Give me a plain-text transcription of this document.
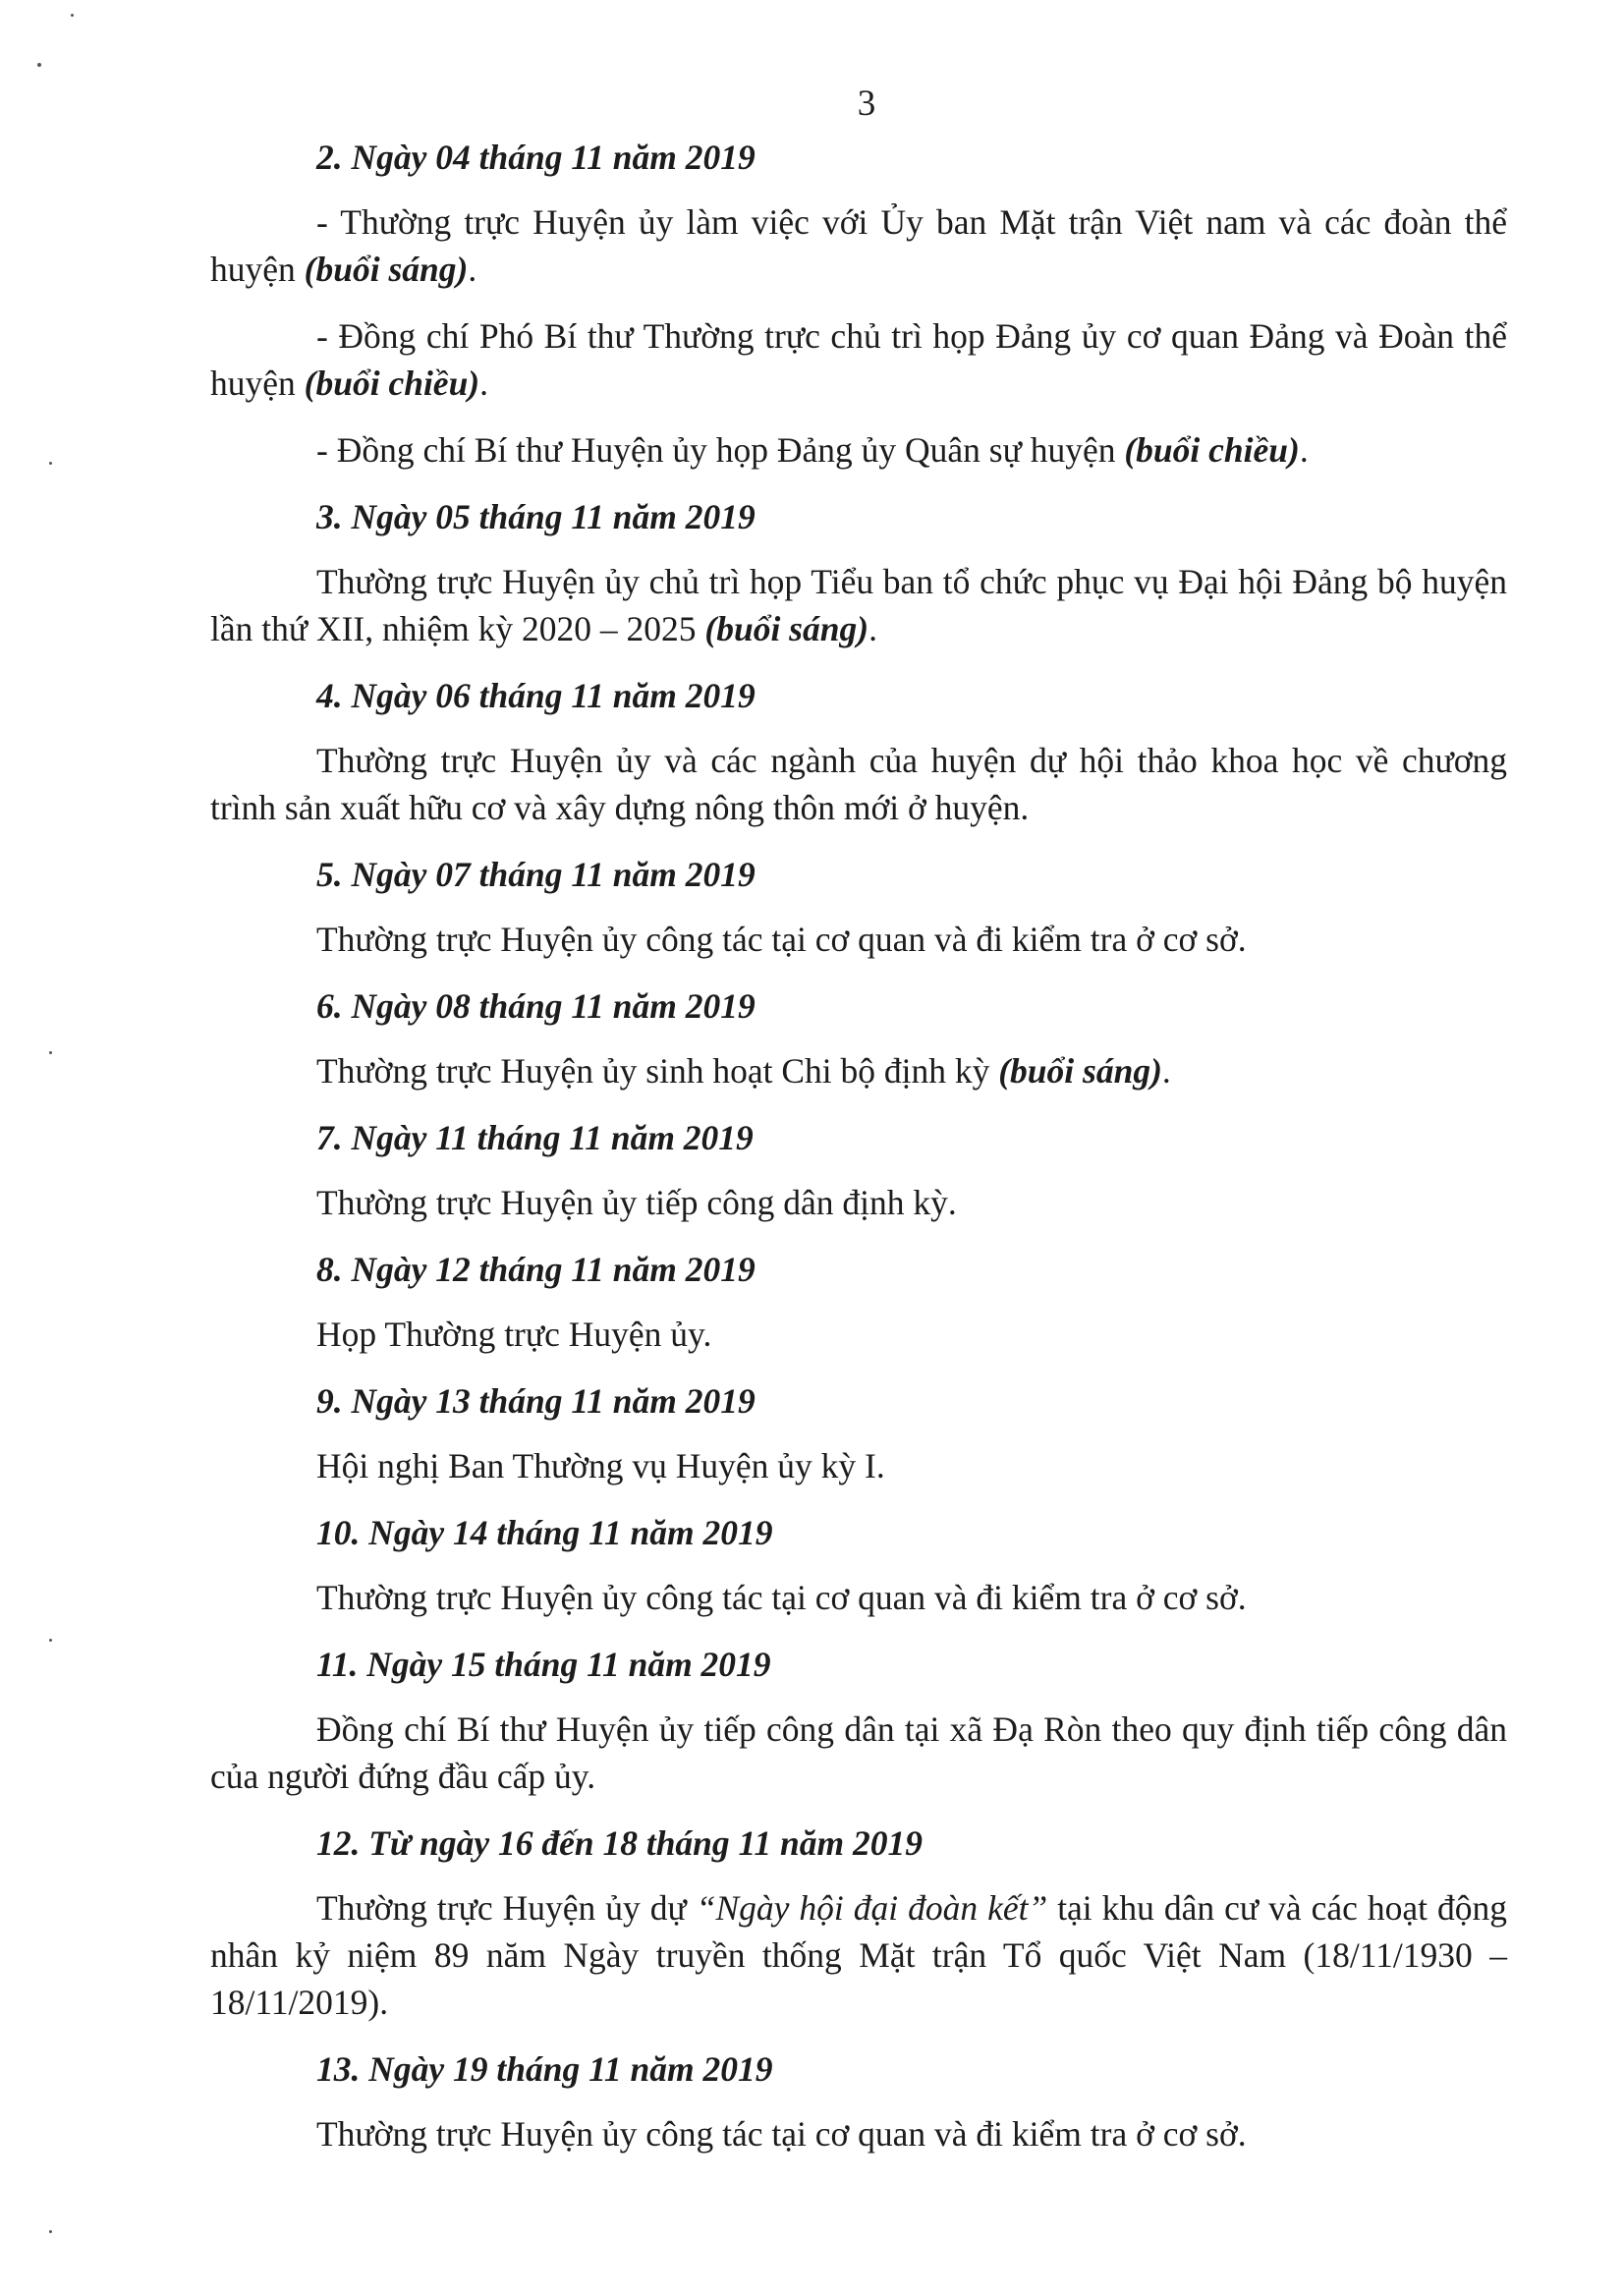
3
2. Ngày 04 tháng 11 năm 2019
- Thường trực Huyện ủy làm việc với Ủy ban Mặt trận Việt nam và các đoàn thể huyện (buổi sáng).
- Đồng chí Phó Bí thư Thường trực chủ trì họp Đảng ủy cơ quan Đảng và Đoàn thể huyện (buổi chiều).
- Đồng chí Bí thư Huyện ủy họp Đảng ủy Quân sự huyện (buổi chiều).
3. Ngày 05 tháng 11 năm 2019
Thường trực Huyện ủy chủ trì họp Tiểu ban tổ chức phục vụ Đại hội Đảng bộ huyện lần thứ XII, nhiệm kỳ 2020 – 2025 (buổi sáng).
4. Ngày 06 tháng 11 năm 2019
Thường trực Huyện ủy và các ngành của huyện dự hội thảo khoa học về chương trình sản xuất hữu cơ và xây dựng nông thôn mới ở huyện.
5. Ngày 07 tháng 11 năm 2019
Thường trực Huyện ủy công tác tại cơ quan và đi kiểm tra ở cơ sở.
6. Ngày 08 tháng 11 năm 2019
Thường trực Huyện ủy sinh hoạt Chi bộ định kỳ (buổi sáng).
7. Ngày 11 tháng 11 năm 2019
Thường trực Huyện ủy tiếp công dân định kỳ.
8. Ngày 12 tháng 11 năm 2019
Họp Thường trực Huyện ủy.
9. Ngày 13 tháng 11 năm 2019
Hội nghị Ban Thường vụ Huyện ủy kỳ I.
10. Ngày 14 tháng 11 năm 2019
Thường trực Huyện ủy công tác tại cơ quan và đi kiểm tra ở cơ sở.
11. Ngày 15 tháng 11 năm 2019
Đồng chí Bí thư Huyện ủy tiếp công dân tại xã Đạ Ròn theo quy định tiếp công dân của người đứng đầu cấp ủy.
12. Từ ngày 16 đến 18 tháng 11 năm 2019
Thường trực Huyện ủy dự “Ngày hội đại đoàn kết” tại khu dân cư và các hoạt động nhân kỷ niệm 89 năm Ngày truyền thống Mặt trận Tổ quốc Việt Nam (18/11/1930 – 18/11/2019).
13. Ngày 19 tháng 11 năm 2019
Thường trực Huyện ủy công tác tại cơ quan và đi kiểm tra ở cơ sở.
